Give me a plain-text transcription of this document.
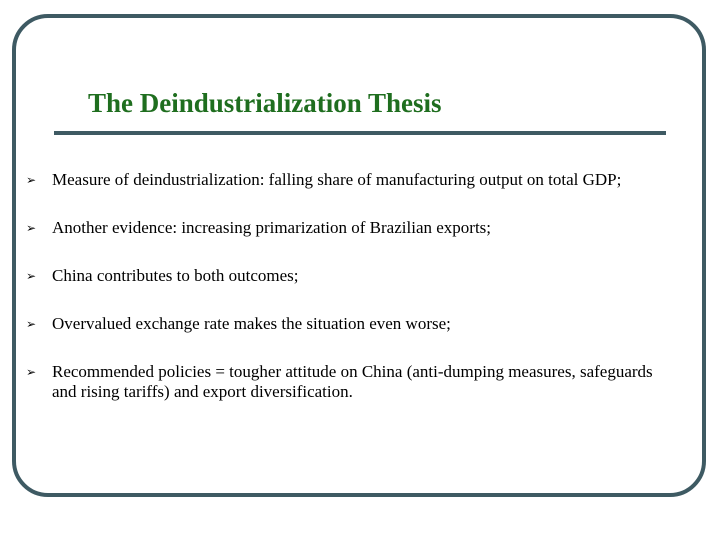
The Deindustrialization Thesis
➢ Measure of deindustrialization: falling share of manufacturing output on total GDP;
➢ Another evidence: increasing primarization of Brazilian exports;
➢ China contributes to both outcomes;
➢ Overvalued exchange rate makes the situation even worse;
➢ Recommended policies = tougher attitude on China (anti-dumping measures, safeguards and rising tariffs) and export diversification.
